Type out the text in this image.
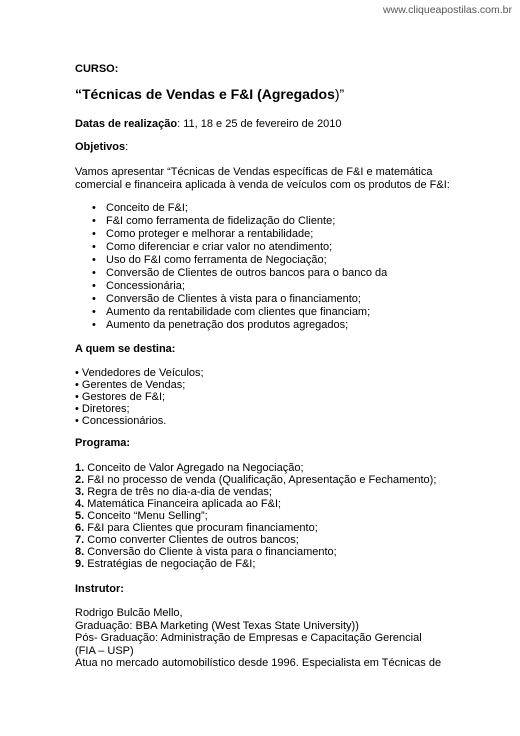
www.cliqueapostilas.com.br
CURSO:
“Técnicas de Vendas e F&I (Agregados)”
Datas de realização: 11, 18 e 25 de fevereiro de 2010
Objetivos:
Vamos apresentar “Técnicas de Vendas específicas de F&I e matemática
comercial e financeira aplicada à venda de veículos com os produtos de F&I:
• Conceito de F&I;
• F&I como ferramenta de fidelização do Cliente;
• Como proteger e melhorar a rentabilidade;
• Como diferenciar e criar valor no atendimento;
• Uso do F&I como ferramenta de Negociação;
• Conversão de Clientes de outros bancos para o banco da
• Concessionária;
• Conversão de Clientes à vista para o financiamento;
• Aumento da rentabilidade com clientes que financiam;
• Aumento da penetração dos produtos agregados;
A quem se destina:
• Vendedores de Veículos;
• Gerentes de Vendas;
• Gestores de F&I;
• Diretores;
• Concessionários.
Programa:
1. Conceito de Valor Agregado na Negociação;
2. F&I no processo de venda (Qualificação, Apresentação e Fechamento);
3. Regra de três no dia-a-dia de vendas;
4. Matemática Financeira aplicada ao F&I;
5. Conceito “Menu Selling”;
6. F&I para Clientes que procuram financiamento;
7. Como converter Clientes de outros bancos;
8. Conversão do Cliente à vista para o financiamento;
9. Estratégias de negociação de F&I;
Instrutor:
Rodrigo Bulcão Mello,
Graduação: BBA Marketing (West Texas State University))
Pós- Graduação: Administração de Empresas e Capacitação Gerencial
(FIA – USP)
Atua no mercado automobilístico desde 1996. Especialista em Técnicas de
